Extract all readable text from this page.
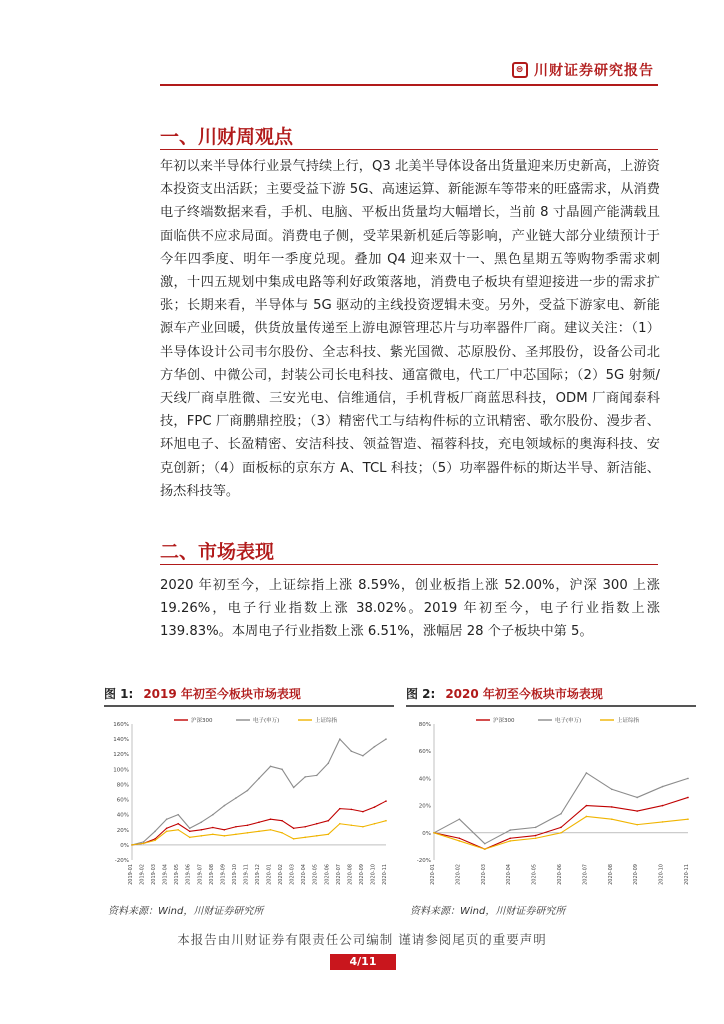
⊜ 川财证券研究报告
一、川财周观点
年初以来半导体行业景气持续上行，Q3 北美半导体设备出货量迎来历史新高，上游资本投资支出活跃；主要受益下游 5G、高速运算、新能源车等带来的旺盛需求，从消费电子终端数据来看，手机、电脑、平板出货量均大幅增长，当前 8 寸晶圆产能满载且面临供不应求局面。消费电子侧，受苹果新机延后等影响，产业链大部分业绩预计于今年四季度、明年一季度兑现。叠加 Q4 迎来双十一、黑色星期五等购物季需求刺激，十四五规划中集成电路等利好政策落地，消费电子板块有望迎接进一步的需求扩张；长期来看，半导体与 5G 驱动的主线投资逻辑未变。另外，受益下游家电、新能源车产业回暖，供货放量传递至上游电源管理芯片与功率器件厂商。建议关注：（1）半导体设计公司韦尔股份、全志科技、紫光国微、芯原股份、圣邦股份，设备公司北方华创、中微公司，封装公司长电科技、通富微电，代工厂中芯国际；（2）5G 射频/天线厂商卓胜微、三安光电、信维通信，手机背板厂商蓝思科技，ODM 厂商闻泰科技，FPC 厂商鹏鼎控股；（3）精密代工与结构件标的立讯精密、歌尔股份、漫步者、环旭电子、长盈精密、安洁科技、领益智造、福蓉科技，充电领域标的奥海科技、安克创新；（4）面板标的京东方 A、TCL 科技；（5）功率器件标的斯达半导、新洁能、扬杰科技等。
二、市场表现
2020 年初至今，上证综指上涨 8.59%，创业板指上涨 52.00%，沪深 300 上涨 19.26%，电子行业指数上涨 38.02%。2019 年初至今，电子行业指数上涨 139.83%。本周电子行业指数上涨 6.51%，涨幅居 28 个子板块中第 5。
图 1: 2019 年初至今板块市场表现
160%
140%
120%
100%
80%
60%
40%
20%
0%
-20%
2019-01 2019-02 2019-03 2019-04 2019-05 2019-06 2019-07 2019-08 2019-09 2019-10 2019-11 2019-12 2020-01 2020-02 2020-03 2020-04 2020-05 2020-06 2020-07 2020-08 2020-09 2020-10 2020-11
沪深300	电子(申万)	上证综指
资料来源：Wind，川财证券研究所
图 2: 2020 年初至今板块市场表现
80%
60%
40%
20%
0%
-20%
2020-01	2020-02	2020-03	2020-04	2020-05	2020-06	2020-07	2020-08	2020-09	2020-10	2020-11
沪深300	电子(申万)	上证综指
资料来源：Wind，川财证券研究所
本报告由川财证券有限责任公司编制 谨请参阅尾页的重要声明
4/11
